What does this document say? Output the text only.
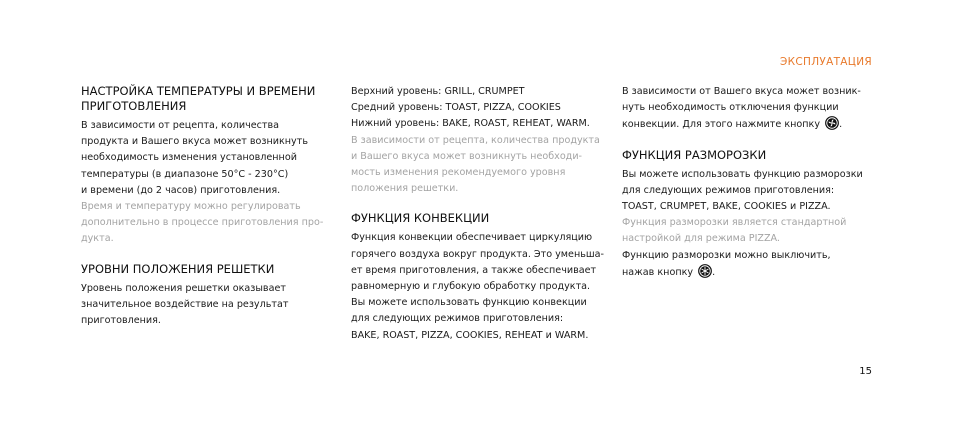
ЭКСПЛУАТАЦИЯ
НАСТРОЙКА ТЕМПЕРАТУРЫ И ВРЕМЕНИ ПРИГОТОВЛЕНИЯ

В зависимости от рецепта, количества
продукта и Вашего вкуса может возникнуть
необходимость изменения установленной
температуры (в диапазоне 50°C - 230°C)
и времени (до 2 часов) приготовления.

Время и температуру можно регулировать
дополнительно в процессе приготовления про-
дукта.

УРОВНИ ПОЛОЖЕНИЯ РЕШЕТКИ

Уровень положения решетки оказывает
значительное воздействие на результат
приготовления.

Верхний уровень: GRILL, CRUMPET
Средний уровень: TOAST, PIZZA, COOKIES
Нижний уровень: BAKE, ROAST, REHEAT, WARM.

В зависимости от рецепта, количества продукта
и Вашего вкуса может возникнуть необходи-
мость изменения рекомендуемого уровня
положения решетки.

ФУНКЦИЯ КОНВЕКЦИИ

Функция конвекции обеспечивает циркуляцию
горячего воздуха вокруг продукта. Это уменьша-
ет время приготовления, а также обеспечивает
равномерную и глубокую обработку продукта.
Вы можете использовать функцию конвекции
для следующих режимов приготовления:
BAKE, ROAST, PIZZA, COOKIES, REHEAT и WARM.

В зависимости от Вашего вкуса может возник-
нуть необходимость отключения функции
конвекции. Для этого нажмите кнопку .

ФУНКЦИЯ РАЗМОРОЗКИ

Вы можете использовать функцию разморозки
для следующих режимов приготовления:
TOAST, CRUMPET, BAKE, COOKIES и PIZZA.

Функция разморозки является стандартной
настройкой для режима PIZZA.

Функцию разморозки можно выключить,
нажав кнопку .

15
